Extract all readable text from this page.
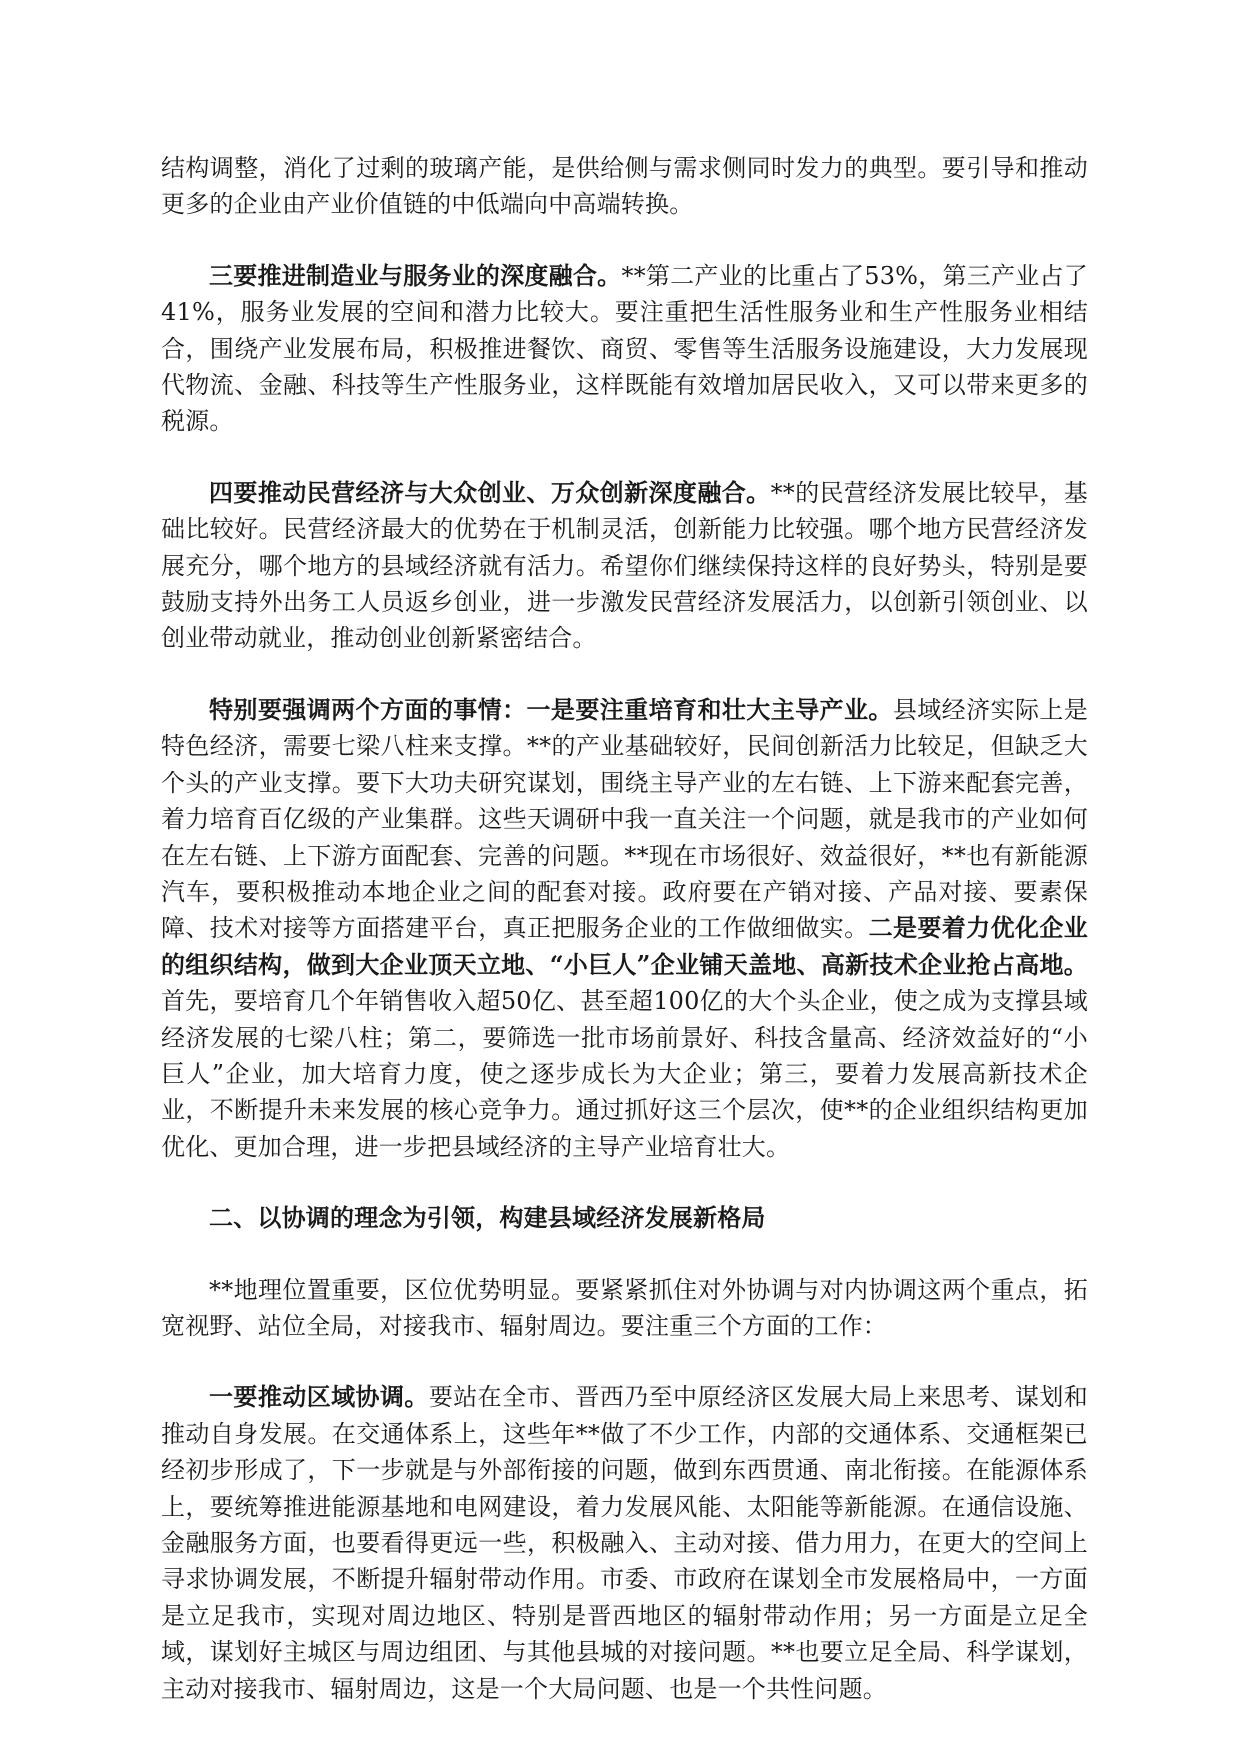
结构调整，消化了过剩的玻璃产能，是供给侧与需求侧同时发力的典型。要引导和推动更多的企业由产业价值链的中低端向中高端转换。

三要推进制造业与服务业的深度融合。**第二产业的比重占了53%，第三产业占了41%，服务业发展的空间和潜力比较大。要注重把生活性服务业和生产性服务业相结合，围绕产业发展布局，积极推进餐饮、商贸、零售等生活服务设施建设，大力发展现代物流、金融、科技等生产性服务业，这样既能有效增加居民收入，又可以带来更多的税源。

四要推动民营经济与大众创业、万众创新深度融合。**的民营经济发展比较早，基础比较好。民营经济最大的优势在于机制灵活，创新能力比较强。哪个地方民营经济发展充分，哪个地方的县域经济就有活力。希望你们继续保持这样的良好势头，特别是要鼓励支持外出务工人员返乡创业，进一步激发民营经济发展活力，以创新引领创业、以创业带动就业，推动创业创新紧密结合。

特别要强调两个方面的事情：一是要注重培育和壮大主导产业。县域经济实际上是特色经济，需要七梁八柱来支撑。**的产业基础较好，民间创新活力比较足，但缺乏大个头的产业支撑。要下大功夫研究谋划，围绕主导产业的左右链、上下游来配套完善，着力培育百亿级的产业集群。这些天调研中我一直关注一个问题，就是我市的产业如何在左右链、上下游方面配套、完善的问题。**现在市场很好、效益很好，**也有新能源汽车，要积极推动本地企业之间的配套对接。政府要在产销对接、产品对接、要素保障、技术对接等方面搭建平台，真正把服务企业的工作做细做实。二是要着力优化企业的组织结构，做到大企业顶天立地、“小巨人”企业铺天盖地、高新技术企业抢占高地。首先，要培育几个年销售收入超50亿、甚至超100亿的大个头企业，使之成为支撑县域经济发展的七梁八柱；第二，要筛选一批市场前景好、科技含量高、经济效益好的“小巨人”企业，加大培育力度，使之逐步成长为大企业；第三，要着力发展高新技术企业，不断提升未来发展的核心竞争力。通过抓好这三个层次，使**的企业组织结构更加优化、更加合理，进一步把县域经济的主导产业培育壮大。

二、以协调的理念为引领，构建县域经济发展新格局

**地理位置重要，区位优势明显。要紧紧抓住对外协调与对内协调这两个重点，拓宽视野、站位全局，对接我市、辐射周边。要注重三个方面的工作：

一要推动区域协调。要站在全市、晋西乃至中原经济区发展大局上来思考、谋划和推动自身发展。在交通体系上，这些年**做了不少工作，内部的交通体系、交通框架已经初步形成了，下一步就是与外部衔接的问题，做到东西贯通、南北衔接。在能源体系上，要统筹推进能源基地和电网建设，着力发展风能、太阳能等新能源。在通信设施、金融服务方面，也要看得更远一些，积极融入、主动对接、借力用力，在更大的空间上寻求协调发展，不断提升辐射带动作用。市委、市政府在谋划全市发展格局中，一方面是立足我市，实现对周边地区、特别是晋西地区的辐射带动作用；另一方面是立足全域，谋划好主城区与周边组团、与其他县城的对接问题。**也要立足全局、科学谋划，主动对接我市、辐射周边，这是一个大局问题、也是一个共性问题。
